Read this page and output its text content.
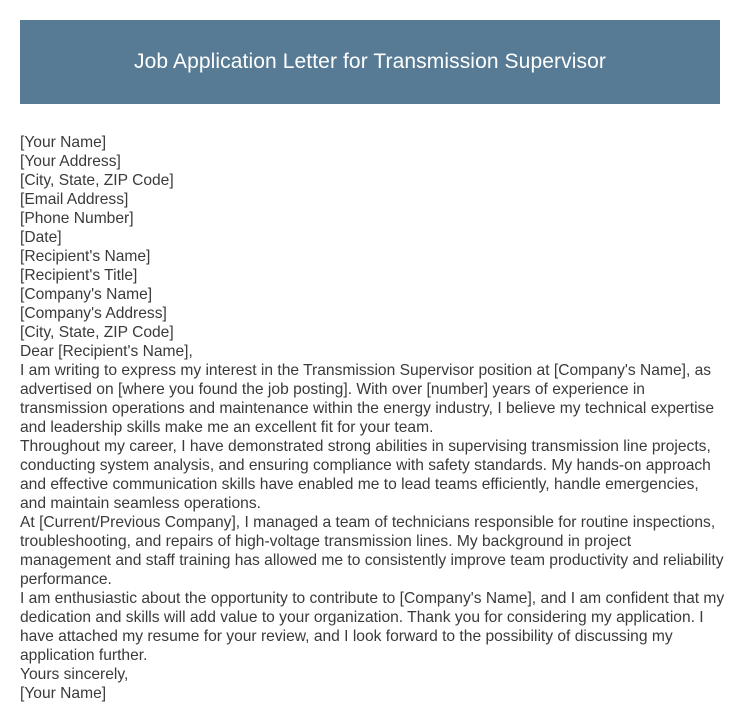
Job Application Letter for Transmission Supervisor

[Your Name]

[Your Address]

[City, State, ZIP Code]

[Email Address]

[Phone Number]

[Date]

[Recipient's Name]

[Recipient's Title]

[Company's Name]

[Company's Address]

[City, State, ZIP Code]

Dear [Recipient's Name],

I am writing to express my interest in the Transmission Supervisor position at [Company's Name], as advertised on [where you found the job posting]. With over [number] years of experience in transmission operations and maintenance within the energy industry, I believe my technical expertise and leadership skills make me an excellent fit for your team.

Throughout my career, I have demonstrated strong abilities in supervising transmission line projects, conducting system analysis, and ensuring compliance with safety standards. My hands-on approach and effective communication skills have enabled me to lead teams efficiently, handle emergencies, and maintain seamless operations.

At [Current/Previous Company], I managed a team of technicians responsible for routine inspections, troubleshooting, and repairs of high-voltage transmission lines. My background in project management and staff training has allowed me to consistently improve team productivity and reliability performance.

I am enthusiastic about the opportunity to contribute to [Company's Name], and I am confident that my dedication and skills will add value to your organization. Thank you for considering my application. I have attached my resume for your review, and I look forward to the possibility of discussing my application further.

Yours sincerely,

[Your Name]
